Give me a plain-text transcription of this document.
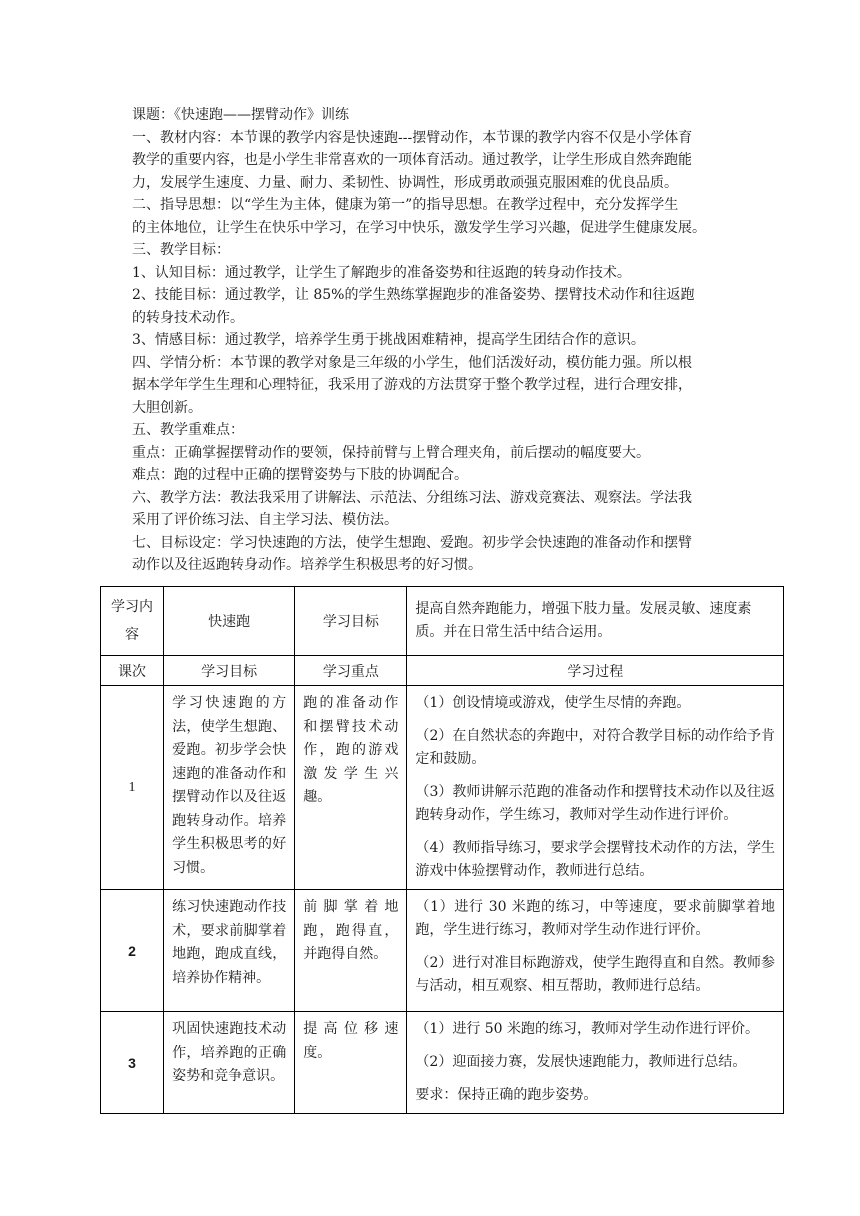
课题：《快速跑——摆臂动作》训练
一、教材内容：本节课的教学内容是快速跑---摆臂动作，本节课的教学内容不仅是小学体育
教学的重要内容，也是小学生非常喜欢的一项体育活动。通过教学，让学生形成自然奔跑能
力，发展学生速度、力量、耐力、柔韧性、协调性，形成勇敢顽强克服困难的优良品质。
二、指导思想：以“学生为主体，健康为第一”的指导思想。在教学过程中，充分发挥学生
的主体地位，让学生在快乐中学习，在学习中快乐，激发学生学习兴趣，促进学生健康发展。
三、教学目标：
1、认知目标：通过教学，让学生了解跑步的准备姿势和往返跑的转身动作技术。
2、技能目标：通过教学，让 85%的学生熟练掌握跑步的准备姿势、摆臂技术动作和往返跑
的转身技术动作。
3、情感目标：通过教学，培养学生勇于挑战困难精神，提高学生团结合作的意识。
四、学情分析：本节课的教学对象是三年级的小学生，他们活泼好动，模仿能力强。所以根
据本学年学生生理和心理特征，我采用了游戏的方法贯穿于整个教学过程，进行合理安排，
大胆创新。
五、教学重难点：
重点：正确掌握摆臂动作的要领，保持前臂与上臂合理夹角，前后摆动的幅度要大。
难点：跑的过程中正确的摆臂姿势与下肢的协调配合。
六、教学方法：教法我采用了讲解法、示范法、分组练习法、游戏竞赛法、观察法。学法我
采用了评价练习法、自主学习法、模仿法。
七、目标设定：学习快速跑的方法，使学生想跑、爱跑。初步学会快速跑的准备动作和摆臂
动作以及往返跑转身动作。培养学生积极思考的好习惯。
学习内容	快速跑	学习目标	提高自然奔跑能力，增强下肢力量。发展灵敏、速度素质。并在日常生活中结合运用。
课次	学习目标	学习重点	学习过程
1	学习快速跑的方法，使学生想跑、爱跑。初步学会快速跑的准备动作和摆臂动作以及往返跑转身动作。培养学生积极思考的好习惯。	跑的准备动作和摆臂技术动作，跑的游戏激发学生兴趣。	（1）创设情境或游戏，使学生尽情的奔跑。
（2）在自然状态的奔跑中，对符合教学目标的动作给予肯定和鼓励。
（3）教师讲解示范跑的准备动作和摆臂技术动作以及往返跑转身动作，学生练习，教师对学生动作进行评价。
（4）教师指导练习，要求学会摆臂技术动作的方法，学生游戏中体验摆臂动作，教师进行总结。

2	练习快速跑动作技术，要求前脚掌着地跑，跑成直线，培养协作精神。	前脚掌着地跑，跑得直，并跑得自然。	（1）进行 30 米跑的练习，中等速度，要求前脚掌着地跑，学生进行练习，教师对学生动作进行评价。
（2）进行对准目标跑游戏，使学生跑得直和自然。教师参与活动，相互观察、相互帮助，教师进行总结。

3	巩固快速跑技术动作，培养跑的正确姿势和竞争意识。	提高位移速度。	（1）进行 50 米跑的练习，教师对学生动作进行评价。
（2）迎面接力赛，发展快速跑能力，教师进行总结。
要求：保持正确的跑步姿势。
